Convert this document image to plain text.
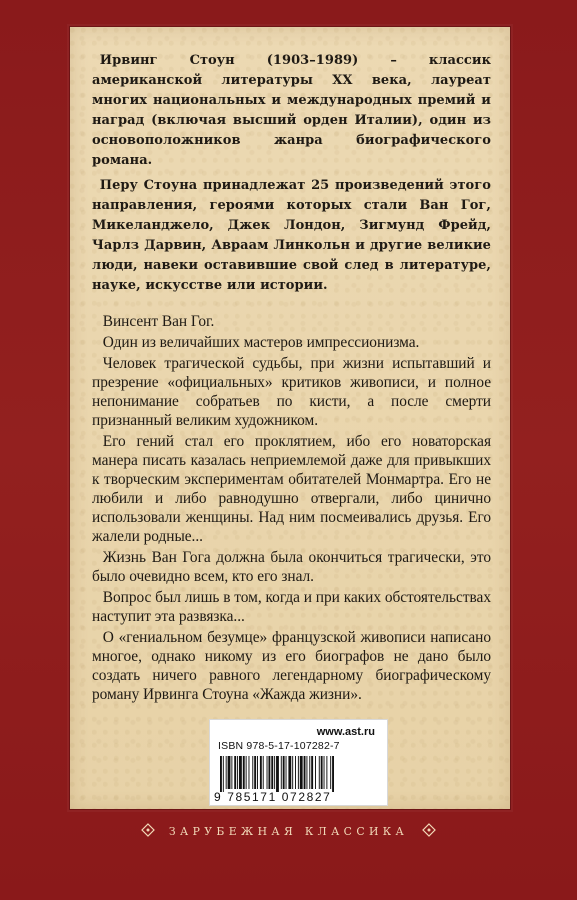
Ирвинг Стоун (1903–1989) – классик американской литературы XX века, лауреат многих национальных и международных премий и наград (включая высший орден Италии), один из основоположников жанра биографического романа.

Перу Стоуна принадлежат 25 произведений этого направления, героями которых стали Ван Гог, Микеланджело, Джек Лондон, Зигмунд Фрейд, Чарлз Дарвин, Авраам Линкольн и другие великие люди, навеки оставившие свой след в литературе, науке, искусстве или истории.

Винсент Ван Гог.

Один из величайших мастеров импрессионизма.

Человек трагической судьбы, при жизни испытавший и презрение «официальных» критиков живописи, и полное непонимание собратьев по кисти, а после смерти признанный великим художником.

Его гений стал его проклятием, ибо его новаторская манера писать казалась неприемлемой даже для привыкших к творческим экспериментам обитателей Монмартра. Его не любили и либо равнодушно отвергали, либо цинично использовали женщины. Над ним посмеивались друзья. Его жалели родные...

Жизнь Ван Гога должна была окончиться трагически, это было очевидно всем, кто его знал.

Вопрос был лишь в том, когда и при каких обстоятельствах наступит эта развязка...

О «гениальном безумце» французской живописи написано многое, однако никому из его биографов не дано было создать ничего равного легендарному биографическому роману Ирвинга Стоуна «Жажда жизни».

www.ast.ru
ISBN 978-5-17-107282-7
9 785171 072827
ЗАРУБЕЖНАЯ КЛАССИКА
